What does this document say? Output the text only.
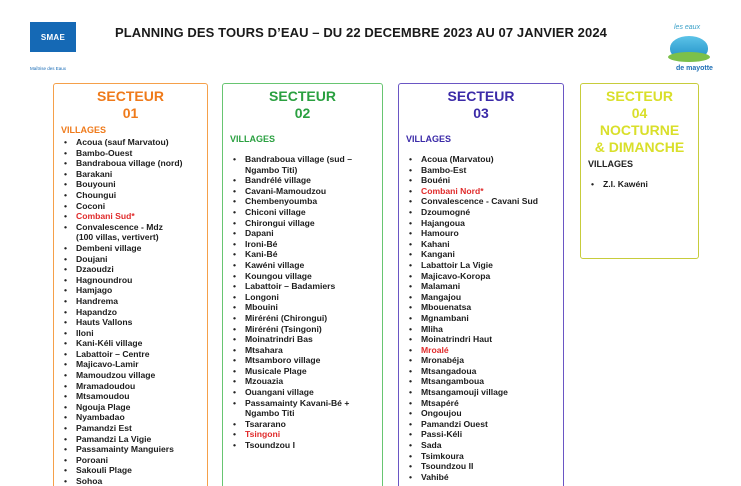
SMAE
Maîtrise des Eaux
PLANNING DES TOURS D’EAU – DU 22 DECEMBRE 2023 AU 07 JANVIER 2024	les eaux
de mayotte
SECTEUR
01
VILLAGES
• Acoua (sauf Marvatou)
• Bambo-Ouest
• Bandraboua village (nord)
• Barakani
• Bouyouni
• Choungui
• Coconi
• Combani Sud*
• Convalescence - Mdz
(100 villas, vertivert)
• Dembeni village
• Doujani
• Dzaoudzi
• Hagnoundrou
• Hamjago
• Handrema
• Hapandzo
• Hauts Vallons
• Iloni
• Kani-Kéli village
• Labattoir – Centre
• Majicavo-Lamir
• Mamoudzou village
• Mramadoudou
• Mtsamoudou
• Ngouja Plage
• Nyambadao
• Pamandzi Est
• Pamandzi La Vigie
• Passamainty Manguiers
• Poroani
• Sakouli Plage
• Sohoa
SECTEUR
02
VILLAGES
• Bandraboua village (sud –
Ngambo Titi)
• Bandrélé village
• Cavani-Mamoudzou
• Chembenyoumba
• Chiconi village
• Chirongui village
• Dapani
• Ironi-Bé
• Kani-Bé
• Kawéni village
• Koungou village
• Labattoir – Badamiers
• Longoni
• Mbouini
• Miréréni (Chirongui)
• Miréréni (Tsingoni)
• Moinatrindri Bas
• Mtsahara
• Mtsamboro village
• Musicale Plage
• Mzouazia
• Ouangani village
• Passamainty Kavani-Bé +
Ngambo Titi
• Tsararano
• Tsingoni
• Tsoundzou I
SECTEUR
03
VILLAGES
• Acoua (Marvatou)
• Bambo-Est
• Bouéni
• Combani Nord*
• Convalescence - Cavani Sud
• Dzoumogné
• Hajangoua
• Hamouro
• Kahani
• Kangani
• Labattoir La Vigie
• Majicavo-Koropa
• Malamani
• Mangajou
• Mbouenatsa
• Mgnambani
• Mliha
• Moinatrindri Haut
• Mroalé
• Mronabéja
• Mtsangadoua
• Mtsangamboua
• Mtsangamouji village
• Mtsapéré
• Ongoujou
• Pamandzi Ouest
• Passi-Kéli
• Sada
• Tsimkoura
• Tsoundzou II
• Vahibé
SECTEUR
04
NOCTURNE
& DIMANCHE
VILLAGES
• Z.I. Kawéni
